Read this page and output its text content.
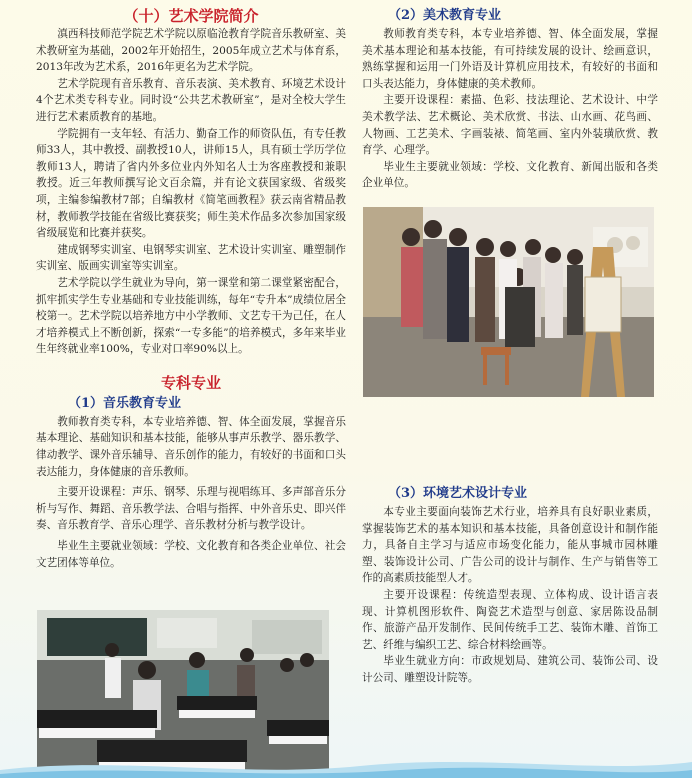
（十）艺术学院简介

滇西科技师范学院艺术学院以原临沧教育学院音乐教研室、美术教研室为基础，2002年开始招生，2005年成立艺术与体育系，2013年改为艺术系，2016年更名为艺术学院。

艺术学院现有音乐教育、音乐表演、美术教育、环境艺术设计4个艺术类专科专业。同时设“公共艺术教研室”，是对全校大学生进行艺术素质教育的基地。

学院拥有一支年轻、有活力、勤奋工作的师资队伍，有专任教师33人，其中教授、副教授10人，讲师15人，具有硕士学历学位教师13人，聘请了省内外多位业内外知名人士为客座教授和兼职教授。近三年教师撰写论文百余篇，并有论文获国家级、省级奖项，主编参编教材7部；自编教材《简笔画教程》获云南省精品教材，教师教学技能在省级比赛获奖；师生美术作品多次参加国家级省级展览和比赛并获奖。

建成钢琴实训室、电钢琴实训室、艺术设计实训室、雕塑制作实训室、版画实训室等实训室。

艺术学院以学生就业为导向，第一课堂和第二课堂紧密配合，抓牢抓实学生专业基础和专业技能训练，每年“专升本”成绩位居全校第一。艺术学院以培养地方中小学教师、文艺专干为己任，在人才培养模式上不断创新，探索“一专多能”的培养模式，多年来毕业生年终就业率100%，专业对口率90%以上。

专科专业
（1）音乐教育专业

教师教育类专科，本专业培养德、智、体全面发展，掌握音乐基本理论、基础知识和基本技能，能够从事声乐教学、器乐教学、律动教学、课外音乐辅导、音乐创作的能力，有较好的书面和口头表达能力，身体健康的音乐教师。

主要开设课程：声乐、钢琴、乐理与视唱练耳、多声部音乐分析与写作、舞蹈、音乐教学法、合唱与指挥、中外音乐史、即兴伴奏、音乐教育学、音乐心理学、音乐教材分析与教学设计。

毕业生主要就业领域：学校、文化教育和各类企业单位、社会文艺团体等单位。

（2）美术教育专业

教师教育类专科，本专业培养德、智、体全面发展，掌握美术基本理论和基本技能，有可持续发展的设计、绘画意识，熟练掌握和运用一门外语及计算机应用技术，有较好的书面和口头表达能力，身体健康的美术教师。

主要开设课程：素描、色彩、技法理论、艺术设计、中学美术教学法、艺术概论、美术欣赏、书法、山水画、花鸟画、人物画、工艺美术、字画装裱、简笔画、室内外装璜欣赏、教育学、心理学。

毕业生主要就业领域：学校、文化教育、新闻出版和各类企业单位。

（3）环境艺术设计专业

本专业主要面向装饰艺术行业，培养具有良好职业素质，掌握装饰艺术的基本知识和基本技能，具备创意设计和制作能力，具备自主学习与适应市场变化能力，能从事城市园林雕塑、装饰设计公司、广告公司的设计与制作、生产与销售等工作的高素质技能型人才。

主要开设课程：传统造型表现、立体构成、设计语言表现、计算机图形软件、陶瓷艺术造型与创意、家居陈设品制作、旅游产品开发制作、民间传统手工艺、装饰木雕、首饰工艺、纤维与编织工艺、综合材料绘画等。

毕业生就业方向：市政规划局、建筑公司、装饰公司、设计公司、雕塑设计院等。
